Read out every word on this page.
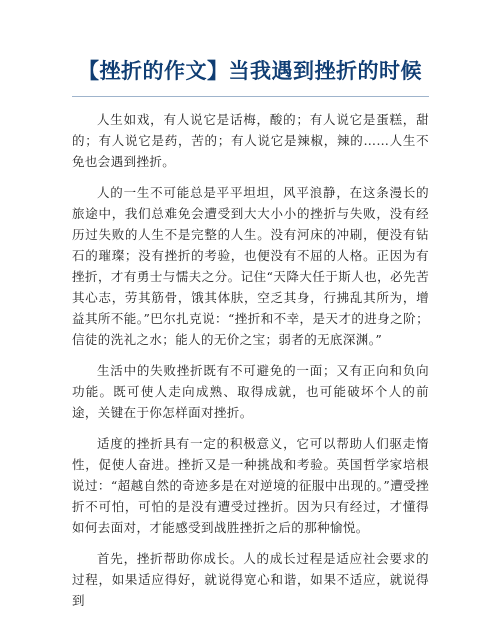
【挫折的作文】当我遇到挫折的时候

人生如戏，有人说它是话梅，酸的；有人说它是蛋糕，甜的；有人说它是药，苦的；有人说它是辣椒，辣的……人生不免也会遇到挫折。

人的一生不可能总是平平坦坦，风平浪静，在这条漫长的旅途中，我们总难免会遭受到大大小小的挫折与失败，没有经历过失败的人生不是完整的人生。没有河床的冲刷，便没有钻石的璀璨；没有挫折的考验，也便没有不屈的人格。正因为有挫折，才有勇士与懦夫之分。记住“天降大任于斯人也，必先苦其心志，劳其筋骨，饿其体肤，空乏其身，行拂乱其所为，增益其所不能。”巴尔扎克说：“挫折和不幸，是天才的进身之阶；信徒的洗礼之水；能人的无价之宝；弱者的无底深渊。”

生活中的失败挫折既有不可避免的一面；又有正向和负向功能。既可使人走向成熟、取得成就，也可能破坏个人的前途，关键在于你怎样面对挫折。

适度的挫折具有一定的积极意义，它可以帮助人们驱走惰性，促使人奋进。挫折又是一种挑战和考验。英国哲学家培根说过：“超越自然的奇迹多是在对逆境的征服中出现的。”遭受挫折不可怕，可怕的是没有遭受过挫折。因为只有经过，才懂得如何去面对，才能感受到战胜挫折之后的那种愉悦。

首先，挫折帮助你成长。人的成长过程是适应社会要求的过程，如果适应得好，就说得宽心和谐，如果不适应，就说得到
